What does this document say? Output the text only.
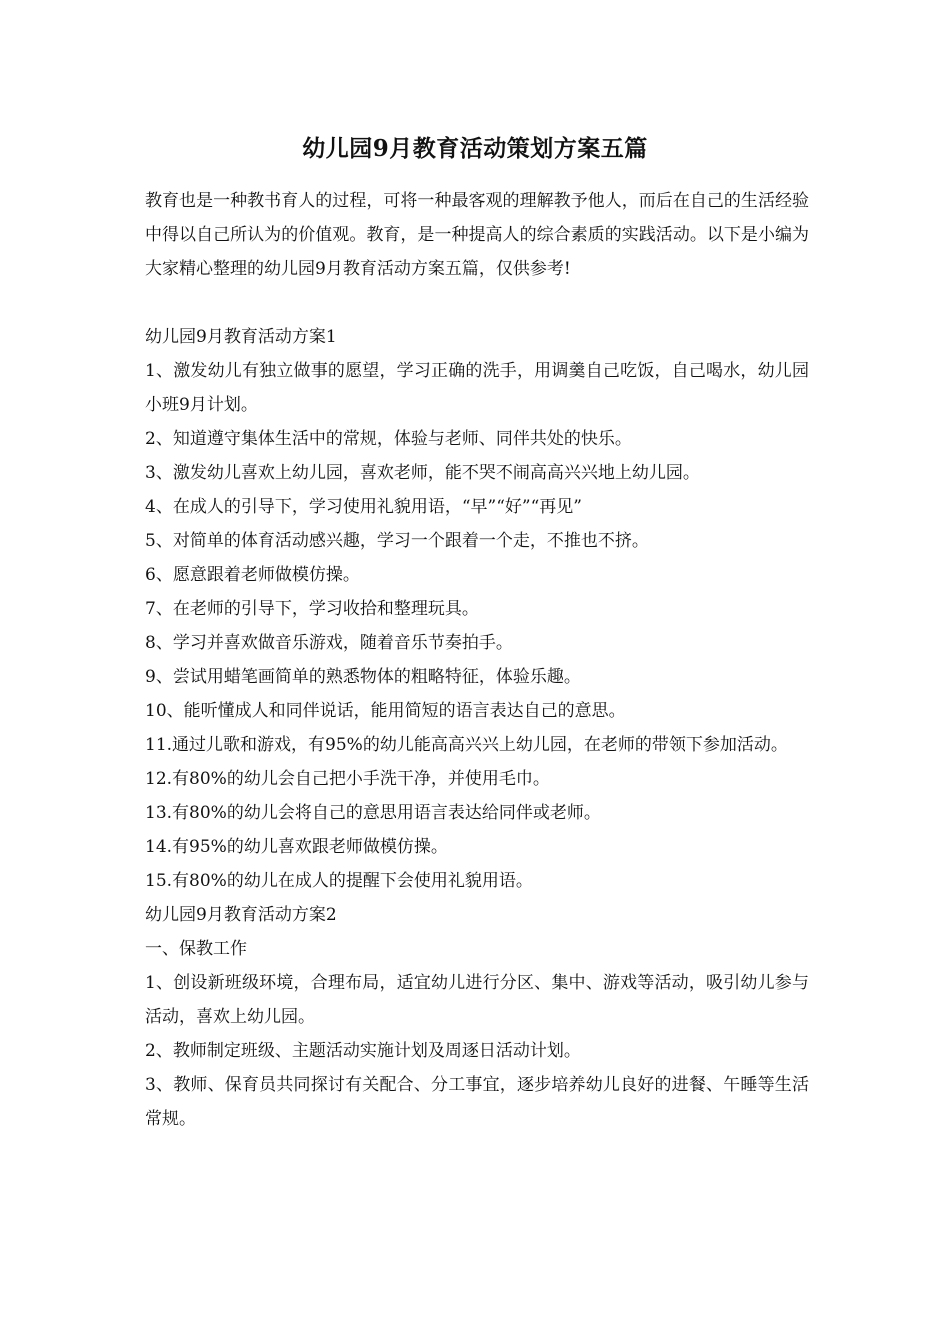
幼儿园9月教育活动策划方案五篇

教育也是一种教书育人的过程，可将一种最客观的理解教予他人，而后在自己的生活经验中得以自己所认为的价值观。教育，是一种提高人的综合素质的实践活动。以下是小编为大家精心整理的幼儿园9月教育活动方案五篇，仅供参考!

幼儿园9月教育活动方案1

1、激发幼儿有独立做事的愿望，学习正确的洗手，用调羹自己吃饭，自己喝水，幼儿园小班9月计划。

2、知道遵守集体生活中的常规，体验与老师、同伴共处的快乐。

3、激发幼儿喜欢上幼儿园，喜欢老师，能不哭不闹高高兴兴地上幼儿园。

4、在成人的引导下，学习使用礼貌用语，“早”“好”“再见”

5、对简单的体育活动感兴趣，学习一个跟着一个走，不推也不挤。

6、愿意跟着老师做模仿操。

7、在老师的引导下，学习收拾和整理玩具。

8、学习并喜欢做音乐游戏，随着音乐节奏拍手。

9、尝试用蜡笔画简单的熟悉物体的粗略特征，体验乐趣。

10、能听懂成人和同伴说话，能用简短的语言表达自己的意思。

11.通过儿歌和游戏，有95%的幼儿能高高兴兴上幼儿园，在老师的带领下参加活动。

12.有80%的幼儿会自己把小手洗干净，并使用毛巾。

13.有80%的幼儿会将自己的意思用语言表达给同伴或老师。

14.有95%的幼儿喜欢跟老师做模仿操。

15.有80%的幼儿在成人的提醒下会使用礼貌用语。

幼儿园9月教育活动方案2

一、保教工作

1、创设新班级环境，合理布局，适宜幼儿进行分区、集中、游戏等活动，吸引幼儿参与活动，喜欢上幼儿园。

2、教师制定班级、主题活动实施计划及周逐日活动计划。

3、教师、保育员共同探讨有关配合、分工事宜，逐步培养幼儿良好的进餐、午睡等生活常规。
